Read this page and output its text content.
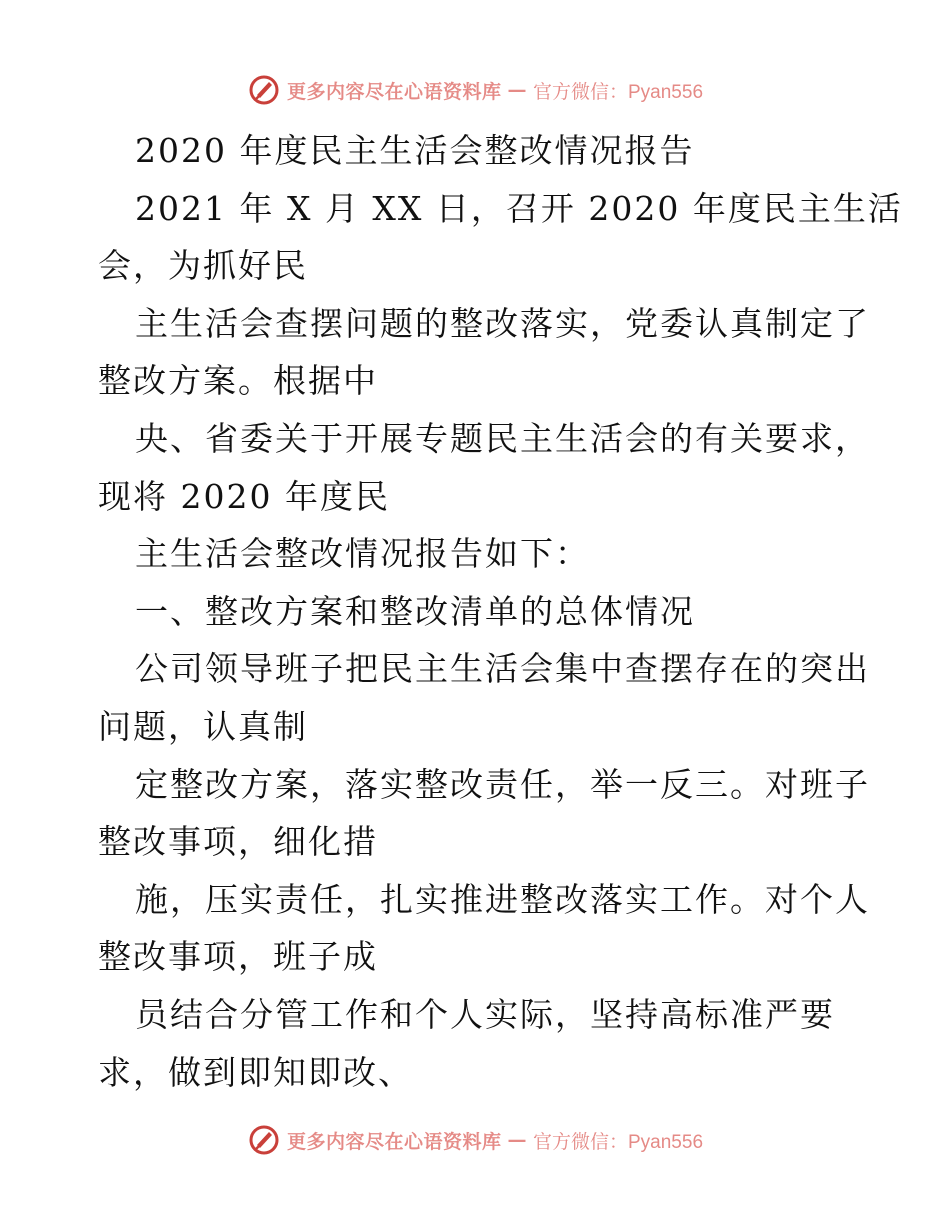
更多内容尽在心语资料库 — 官方微信：Pyan556
2020 年度民主生活会整改情况报告
2021 年 X 月 XX 日，召开 2020 年度民主生活
会，为抓好民
主生活会查摆问题的整改落实，党委认真制定了
整改方案。根据中
央、省委关于开展专题民主生活会的有关要求，
现将 2020 年度民
主生活会整改情况报告如下：
一、整改方案和整改清单的总体情况
公司领导班子把民主生活会集中查摆存在的突出
问题，认真制
定整改方案，落实整改责任，举一反三。对班子
整改事项，细化措
施，压实责任，扎实推进整改落实工作。对个人
整改事项，班子成
员结合分管工作和个人实际，坚持高标准严要
求，做到即知即改、
更多内容尽在心语资料库 — 官方微信：Pyan556
